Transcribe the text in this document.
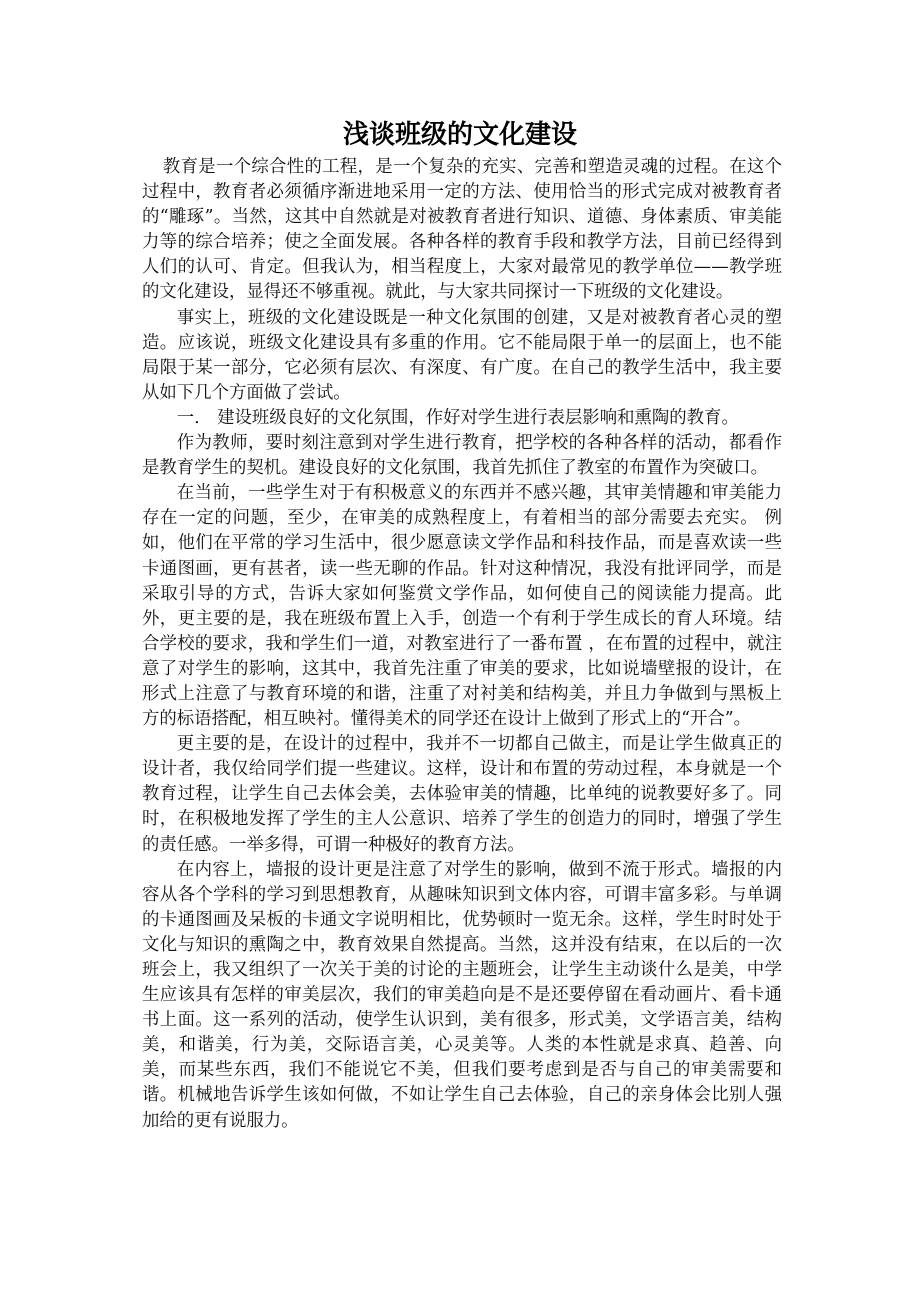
浅谈班级的文化建设

教育是一个综合性的工程，是一个复杂的充实、完善和塑造灵魂的过程。在这个过程中，教育者必须循序渐进地采用一定的方法、使用恰当的形式完成对被教育者的“雕琢”。当然，这其中自然就是对被教育者进行知识、道德、身体素质、审美能力等的综合培养；使之全面发展。各种各样的教育手段和教学方法，目前已经得到人们的认可、肯定。但我认为，相当程度上，大家对最常见的教学单位——教学班的文化建设，显得还不够重视。就此，与大家共同探讨一下班级的文化建设。

事实上，班级的文化建设既是一种文化氛围的创建，又是对被教育者心灵的塑造。应该说，班级文化建设具有多重的作用。它不能局限于单一的层面上，也不能局限于某一部分，它必须有层次、有深度、有广度。在自己的教学生活中，我主要从如下几个方面做了尝试。

一． 建设班级良好的文化氛围，作好对学生进行表层影响和熏陶的教育。

作为教师，要时刻注意到对学生进行教育，把学校的各种各样的活动，都看作是教育学生的契机。建设良好的文化氛围，我首先抓住了教室的布置作为突破口。

在当前，一些学生对于有积极意义的东西并不感兴趣，其审美情趣和审美能力存在一定的问题，至少，在审美的成熟程度上，有着相当的部分需要去充实。 例如，他们在平常的学习生活中，很少愿意读文学作品和科技作品，而是喜欢读一些卡通图画，更有甚者，读一些无聊的作品。针对这种情况，我没有批评同学，而是采取引导的方式，告诉大家如何鉴赏文学作品，如何使自己的阅读能力提高。此外，更主要的是，我在班级布置上入手，创造一个有利于学生成长的育人环境。结合学校的要求，我和学生们一道，对教室进行了一番布置 ，在布置的过程中，就注意了对学生的影响，这其中，我首先注重了审美的要求，比如说墙壁报的设计，在形式上注意了与教育环境的和谐，注重了对衬美和结构美，并且力争做到与黑板上方的标语搭配，相互映衬。懂得美术的同学还在设计上做到了形式上的“开合”。

更主要的是，在设计的过程中，我并不一切都自己做主，而是让学生做真正的设计者，我仅给同学们提一些建议。这样，设计和布置的劳动过程，本身就是一个教育过程，让学生自己去体会美，去体验审美的情趣，比单纯的说教要好多了。同时，在积极地发挥了学生的主人公意识、培养了学生的创造力的同时，增强了学生的责任感。一举多得，可谓一种极好的教育方法。

在内容上，墙报的设计更是注意了对学生的影响，做到不流于形式。墙报的内容从各个学科的学习到思想教育，从趣味知识到文体内容，可谓丰富多彩。与单调的卡通图画及呆板的卡通文字说明相比，优势顿时一览无余。这样，学生时时处于文化与知识的熏陶之中，教育效果自然提高。当然，这并没有结束，在以后的一次班会上，我又组织了一次关于美的讨论的主题班会，让学生主动谈什么是美，中学生应该具有怎样的审美层次，我们的审美趋向是不是还要停留在看动画片、看卡通书上面。这一系列的活动，使学生认识到，美有很多，形式美，文学语言美，结构美，和谐美，行为美，交际语言美，心灵美等。人类的本性就是求真、趋善、向美，而某些东西，我们不能说它不美，但我们要考虑到是否与自己的审美需要和谐。机械地告诉学生该如何做，不如让学生自己去体验，自己的亲身体会比别人强加给的更有说服力。
